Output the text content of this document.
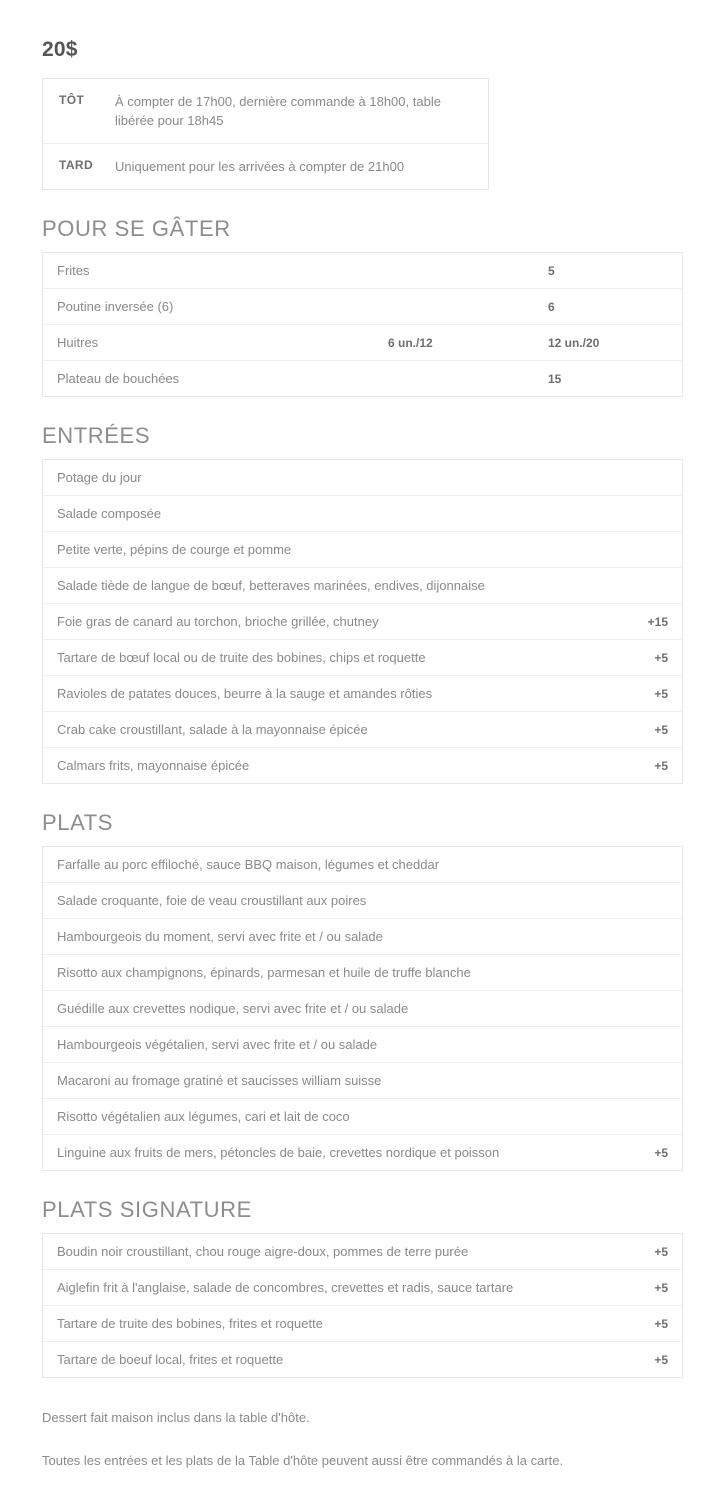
20$
TÔT	À compter de 17h00, dernière commande à 18h00, table libérée pour 18h45
TARD	Uniquement pour les arrivées à compter de 21h00
POUR SE GÂTER
Frites	5
Poutine inversée (6)	6
Huitres	6 un./12	12 un./20
Plateau de bouchées	15
ENTRÉES
Potage du jour
Salade composée
Petite verte, pépins de courge et pomme
Salade tiède de langue de bœuf, betteraves marinées, endives, dijonnaise
Foie gras de canard au torchon, brioche grillée, chutney	+15
Tartare de bœuf local ou de truite des bobines, chips et roquette	+5
Ravioles de patates douces, beurre à la sauge et amandes rôties	+5
Crab cake croustillant, salade à la mayonnaise épicée	+5
Calmars frits, mayonnaise épicée	+5
PLATS
Farfalle au porc effiloché, sauce BBQ maison, légumes et cheddar
Salade croquante, foie de veau croustillant aux poires
Hambourgeois du moment, servi avec frite et / ou salade
Risotto aux champignons, épinards, parmesan et huile de truffe blanche
Guédille aux crevettes nodique, servi avec frite et / ou salade
Hambourgeois végétalien, servi avec frite et / ou salade
Macaroni au fromage gratiné et saucisses william suisse
Risotto végétalien aux légumes, cari et lait de coco
Linguine aux fruits de mers, pétoncles de baie, crevettes nordique et poisson	+5
PLATS SIGNATURE
Boudin noir croustillant, chou rouge aigre-doux, pommes de terre purée	+5
Aiglefin frit à l'anglaise, salade de concombres, crevettes et radis, sauce tartare	+5
Tartare de truite des bobines, frites et roquette	+5
Tartare de boeuf local, frites et roquette	+5
Dessert fait maison inclus dans la table d'hôte.
Toutes les entrées et les plats de la Table d'hôte peuvent aussi être commandés à la carte.
